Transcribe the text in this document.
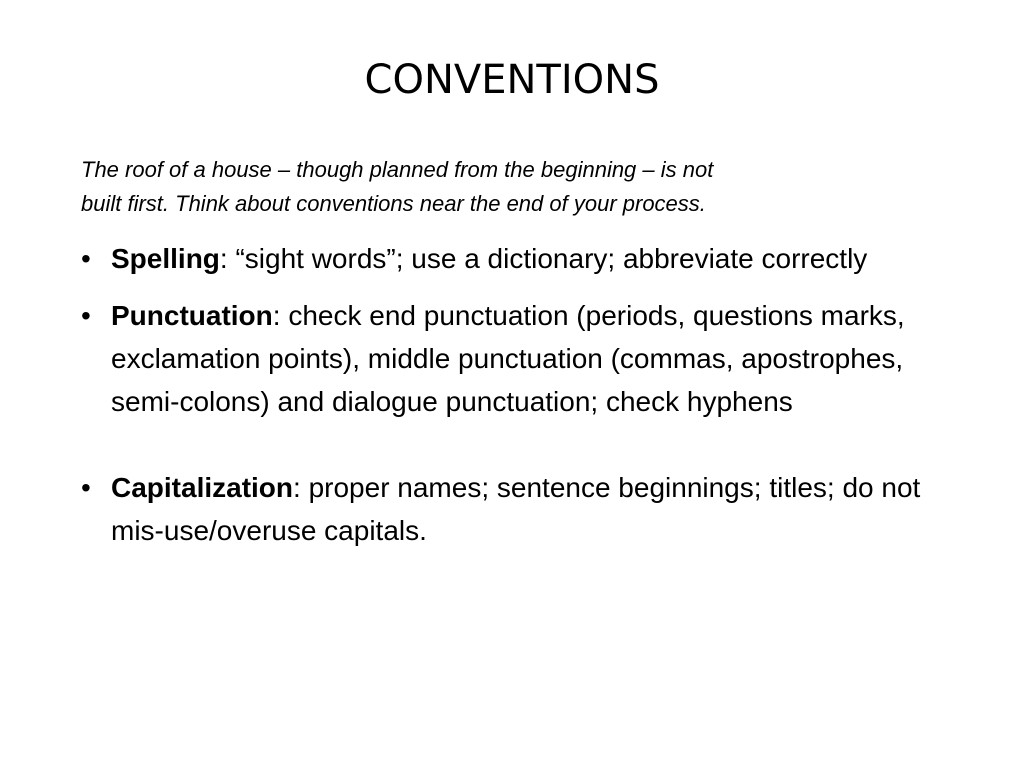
CONVENTIONS

The roof of a house – though planned from the beginning – is not
built first. Think about conventions near the end of your process.

• Spelling: “sight words”; use a dictionary; abbreviate correctly
• Punctuation: check end punctuation (periods, questions marks, exclamation points), middle punctuation (commas, apostrophes, semi-colons) and dialogue punctuation; check hyphens
• Capitalization: proper names; sentence beginnings; titles; do not mis-use/overuse capitals.
